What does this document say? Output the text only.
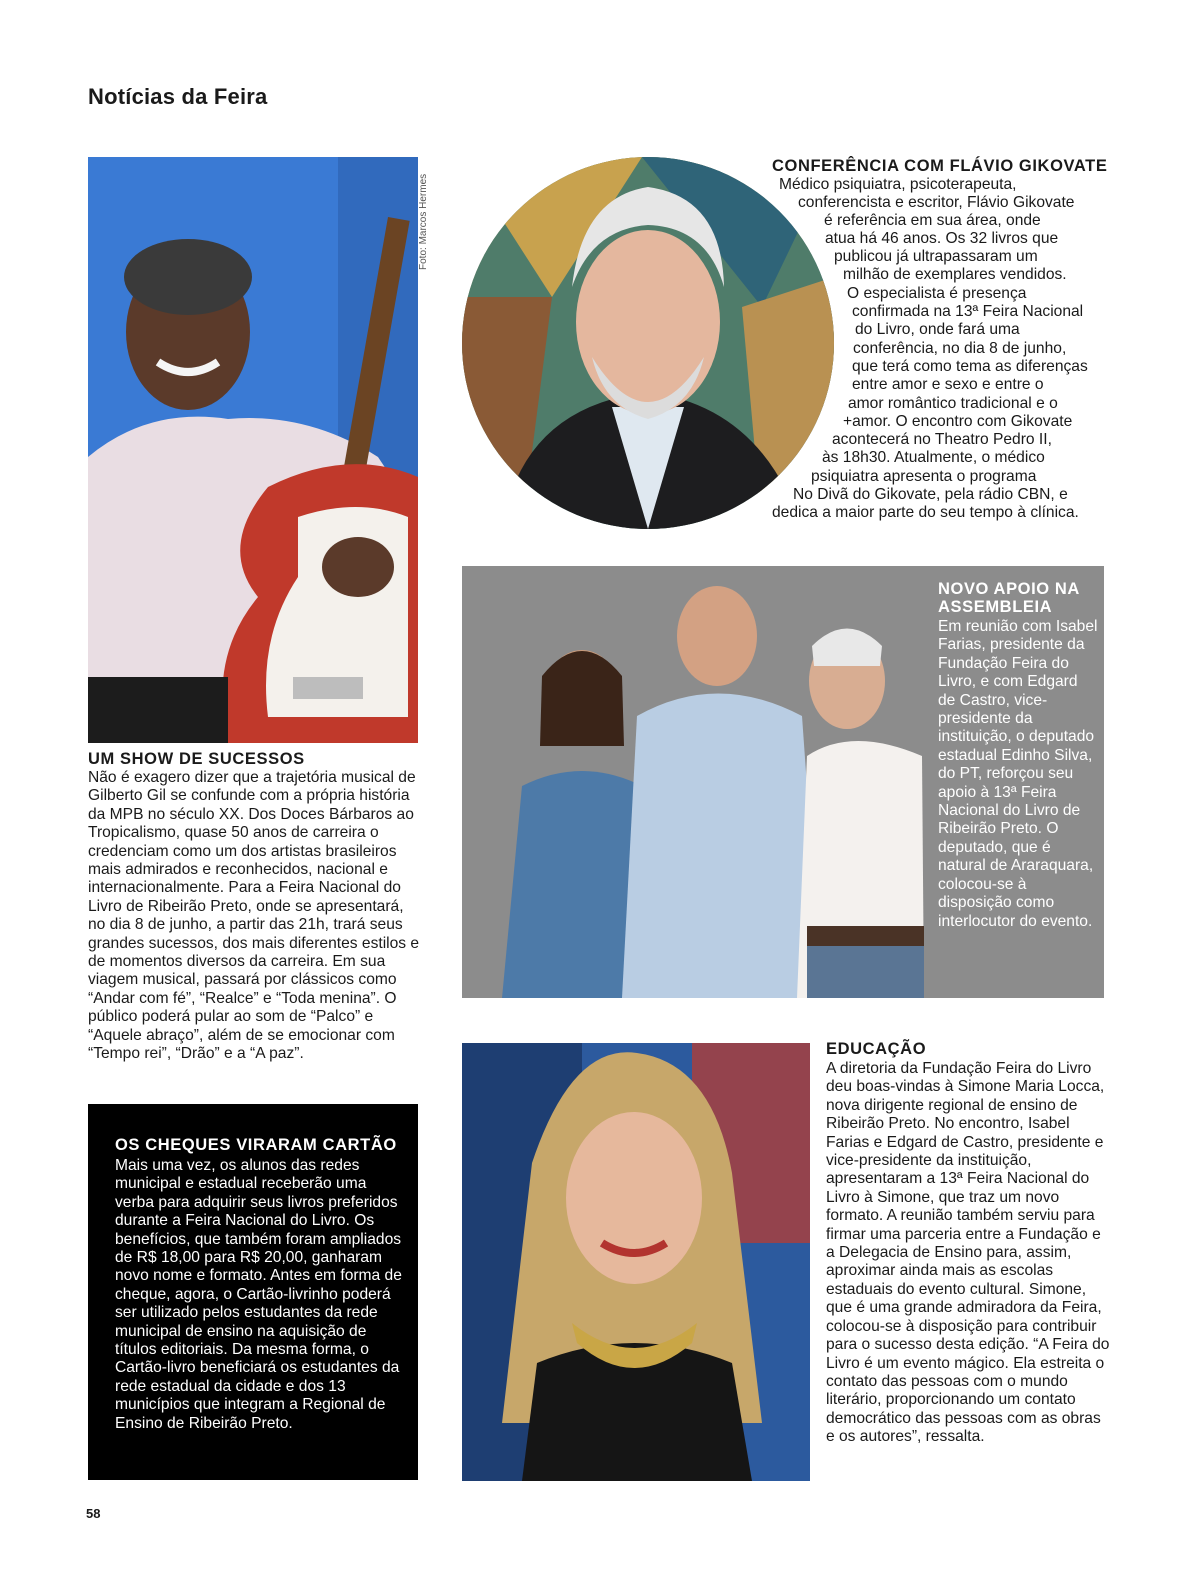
Notícias da Feira
Foto: Marcos Hermes
UM SHOW DE SUCESSOS
Não é exagero dizer que a trajetória musical de Gilberto Gil se confunde com a própria história da MPB no século XX. Dos Doces Bárbaros ao Tropicalismo, quase 50 anos de carreira o credenciam como um dos artistas brasileiros mais admirados e reconhecidos, nacional e internacionalmente. Para a Feira Nacional do Livro de Ribeirão Preto, onde se apresentará, no dia 8 de junho, a partir das 21h, trará seus grandes sucessos, dos mais diferentes estilos e de momentos diversos da carreira. Em sua viagem musical, passará por clássicos como “Andar com fé”, “Realce” e “Toda menina”. O público poderá pular ao som de “Palco” e “Aquele abraço”, além de se emocionar com “Tempo rei”, “Drão” e a “A paz”.
CONFERÊNCIA COM FLÁVIO GIKOVATE
Médico psiquiatra, psicoterapeuta,
conferencista e escritor, Flávio Gikovate
é referência em sua área, onde
atua há 46 anos. Os 32 livros que
publicou já ultrapassaram um
milhão de exemplares vendidos.
O especialista é presença
confirmada na 13ª Feira Nacional
do Livro, onde fará uma
conferência, no dia 8 de junho,
que terá como tema as diferenças
entre amor e sexo e entre o
amor romântico tradicional e o
+amor. O encontro com Gikovate
acontecerá no Theatro Pedro II,
às 18h30. Atualmente, o médico
psiquiatra apresenta o programa
No Divã do Gikovate, pela rádio CBN, e
dedica a maior parte do seu tempo à clínica.
NOVO APOIO NA
ASSEMBLEIA
Em reunião com Isabel Farias, presidente da Fundação Feira do Livro, e com Edgard de Castro, vice-presidente da instituição, o deputado estadual Edinho Silva, do PT, reforçou seu apoio à 13ª Feira Nacional do Livro de Ribeirão Preto. O deputado, que é natural de Araraquara, colocou-se à disposição como interlocutor do evento.
OS CHEQUES VIRARAM CARTÃO
Mais uma vez, os alunos das redes municipal e estadual receberão uma verba para adquirir seus livros preferidos durante a Feira Nacional do Livro. Os benefícios, que também foram ampliados de R$ 18,00 para R$ 20,00, ganharam novo nome e formato. Antes em forma de cheque, agora, o Cartão-livrinho poderá ser utilizado pelos estudantes da rede municipal de ensino na aquisição de títulos editoriais. Da mesma forma, o Cartão-livro beneficiará os estudantes da rede estadual da cidade e dos 13 municípios que integram a Regional de Ensino de Ribeirão Preto.
EDUCAÇÃO
A diretoria da Fundação Feira do Livro deu boas-vindas à Simone Maria Locca, nova dirigente regional de ensino de Ribeirão Preto. No encontro, Isabel Farias e Edgard de Castro, presidente e vice-presidente da instituição, apresentaram a 13ª Feira Nacional do Livro à Simone, que traz um novo formato. A reunião também serviu para firmar uma parceria entre a Fundação e a Delegacia de Ensino para, assim, aproximar ainda mais as escolas estaduais do evento cultural. Simone, que é uma grande admiradora da Feira, colocou-se à disposição para contribuir para o sucesso desta edição. “A Feira do Livro é um evento mágico. Ela estreita o contato das pessoas com o mundo literário, proporcionando um contato democrático das pessoas com as obras e os autores”, ressalta.
58
